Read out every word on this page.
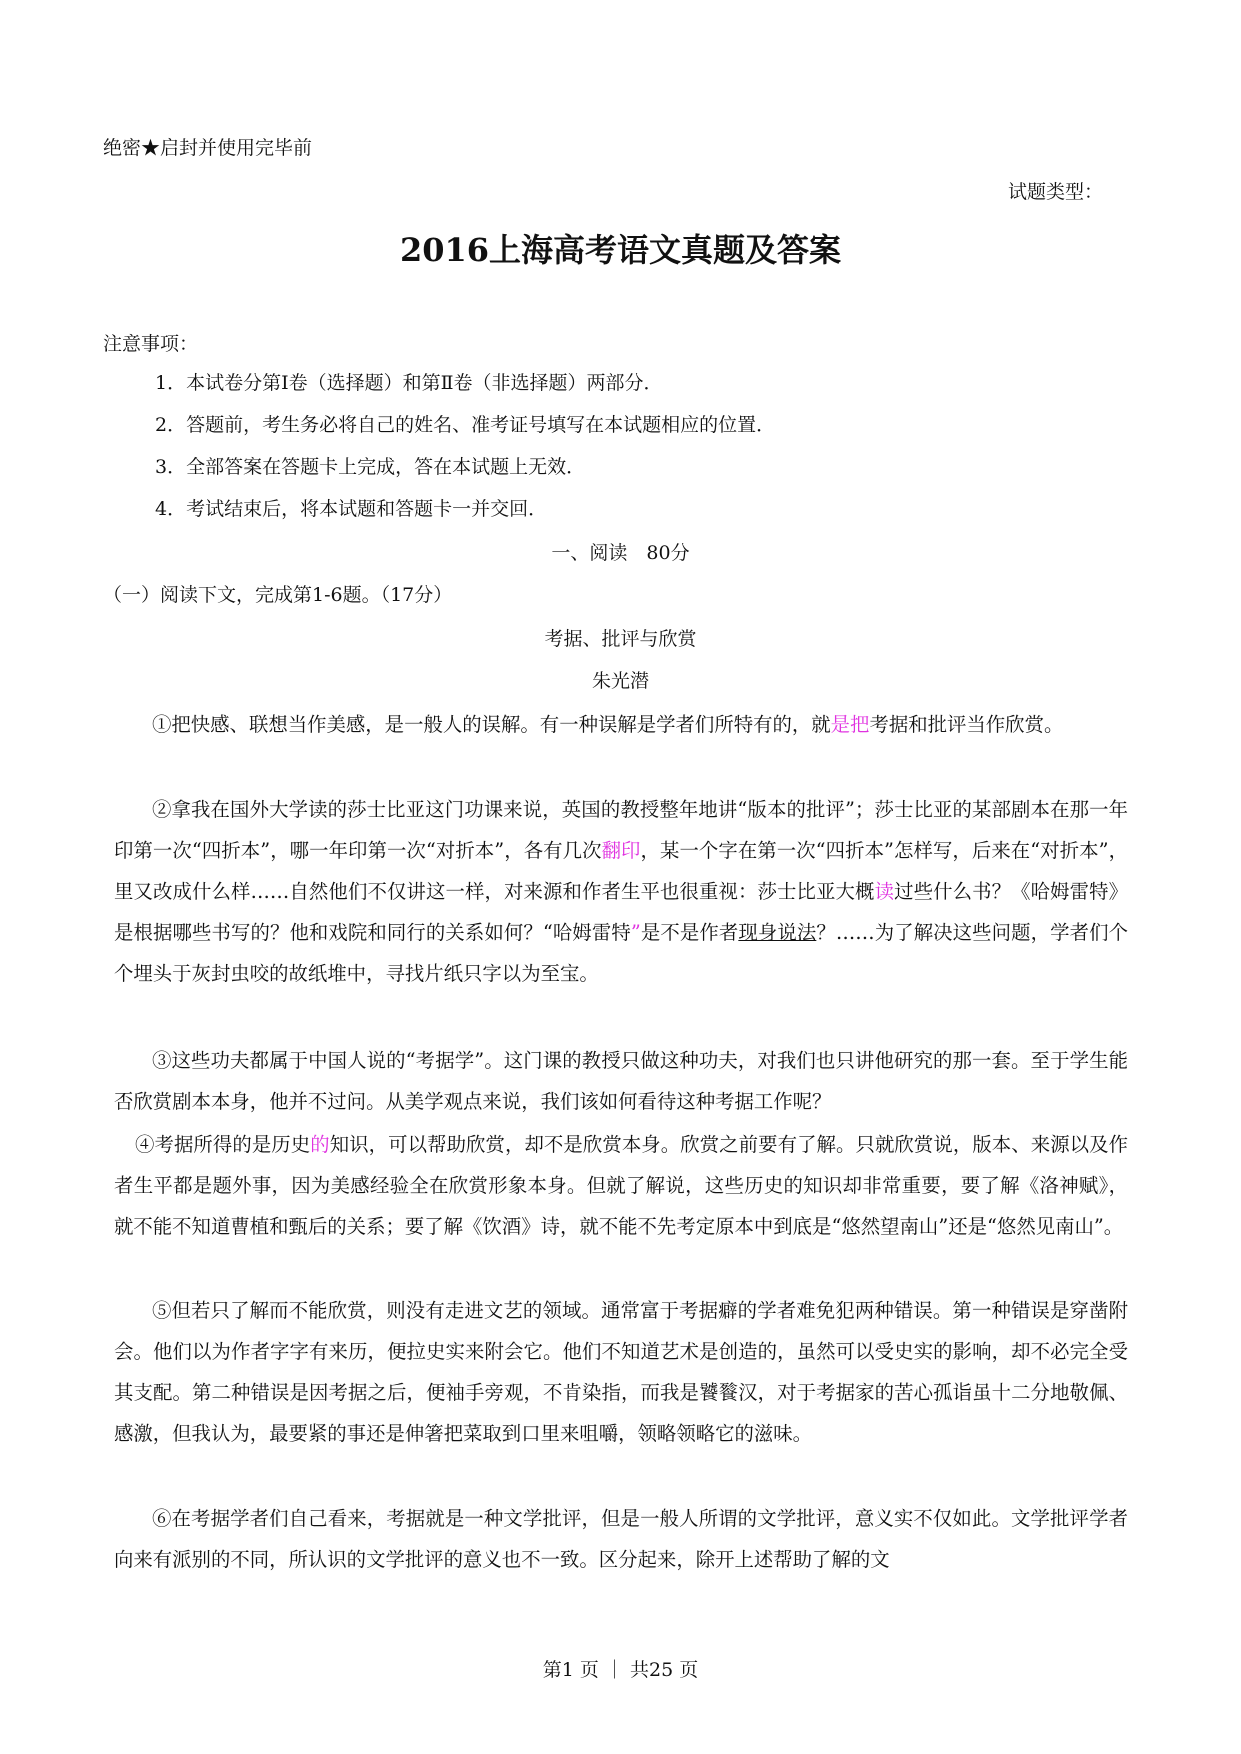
绝密★启封并使用完毕前
试题类型：
2016上海高考语文真题及答案
注意事项：
1．本试卷分第Ⅰ卷（选择题）和第Ⅱ卷（非选择题）两部分．
2．答题前，考生务必将自己的姓名、准考证号填写在本试题相应的位置．
3．全部答案在答题卡上完成，答在本试题上无效．
4．考试结束后，将本试题和答题卡一并交回．
一、阅读　80分
（一）阅读下文，完成第1-6题。（17分）
考据、批评与欣赏
朱光潜
①把快感、联想当作美感，是一般人的误解。有一种误解是学者们所特有的，就是把考据和批评当作欣赏。
②拿我在国外大学读的莎士比亚这门功课来说，英国的教授整年地讲“版本的批评”；莎士比亚的某部剧本在那一年印第一次“四折本”，哪一年印第一次“对折本”，各有几次翻印，某一个字在第一次“四折本”怎样写，后来在“对折本”，里又改成什么样……自然他们不仅讲这一样，对来源和作者生平也很重视：莎士比亚大概读过些什么书？《哈姆雷特》是根据哪些书写的？他和戏院和同行的关系如何？“哈姆雷特”是不是作者现身说法？……为了解决这些问题，学者们个个埋头于灰封虫咬的故纸堆中，寻找片纸只字以为至宝。
③这些功夫都属于中国人说的“考据学”。这门课的教授只做这种功夫，对我们也只讲他研究的那一套。至于学生能否欣赏剧本本身，他并不过问。从美学观点来说，我们该如何看待这种考据工作呢？
④考据所得的是历史的知识，可以帮助欣赏，却不是欣赏本身。欣赏之前要有了解。只就欣赏说，版本、来源以及作者生平都是题外事，因为美感经验全在欣赏形象本身。但就了解说，这些历史的知识却非常重要，要了解《洛神赋》，就不能不知道曹植和甄后的关系；要了解《饮酒》诗，就不能不先考定原本中到底是“悠然望南山”还是“悠然见南山”。
⑤但若只了解而不能欣赏，则没有走进文艺的领域。通常富于考据癖的学者难免犯两种错误。第一种错误是穿凿附会。他们以为作者字字有来历，便拉史实来附会它。他们不知道艺术是创造的，虽然可以受史实的影响，却不必完全受其支配。第二种错误是因考据之后，便袖手旁观，不肯染指，而我是饕餮汉，对于考据家的苦心孤诣虽十二分地敬佩、感激，但我认为，最要紧的事还是伸箸把菜取到口里来咀嚼，领略领略它的滋味。
⑥在考据学者们自己看来，考据就是一种文学批评，但是一般人所谓的文学批评，意义实不仅如此。文学批评学者向来有派别的不同，所认识的文学批评的意义也不一致。区分起来，除开上述帮助了解的文
第1 页 ｜ 共25 页
